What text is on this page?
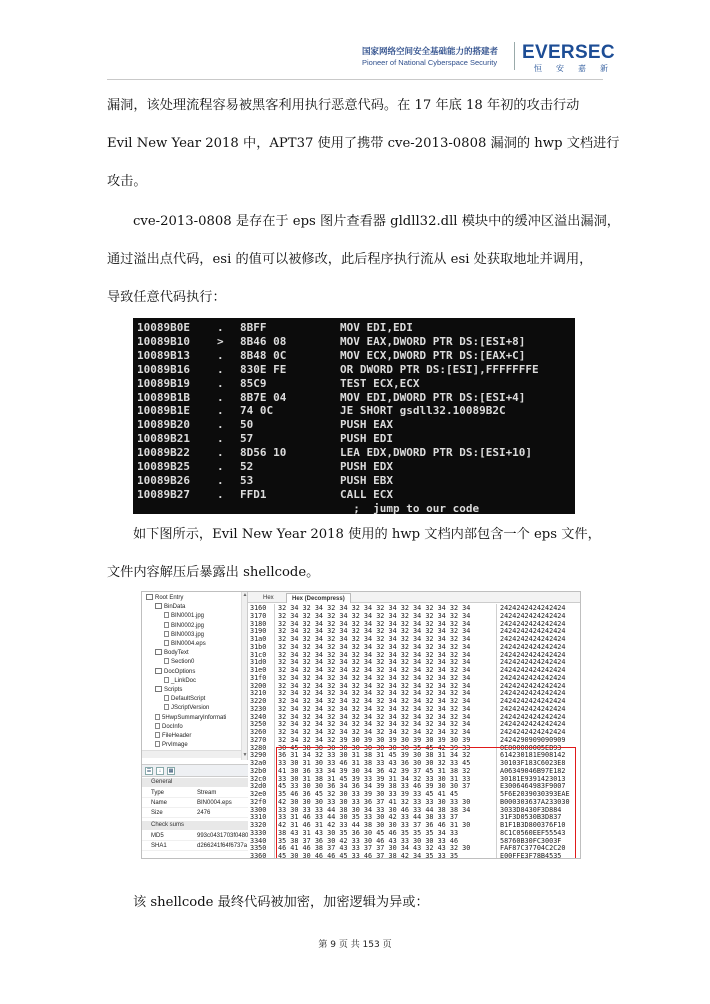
国家网络空间安全基础能力的搭建者
Pioneer of National Cyberspace Security EVERSEC
恒安嘉新
漏洞，该处理流程容易被黑客利用执行恶意代码。在 17 年底 18 年初的攻击行动
Evil New Year 2018 中，APT37 使用了携带 cve-2013-0808 漏洞的 hwp 文档进行
攻击。
cve-2013-0808 是存在于 eps 图片查看器 gldll32.dll 模块中的缓冲区溢出漏洞，
通过溢出点代码，esi 的值可以被修改，此后程序执行流从 esi 处获取地址并调用，
导致任意代码执行：
10089B0E . 8BFF	MOV EDI,EDI
10089B10 > 8B46 08	MOV EAX,DWORD PTR DS:[ESI+8]
10089B13 . 8B48 0C	MOV ECX,DWORD PTR DS:[EAX+C]
10089B16 . 830E FE	OR DWORD PTR DS:[ESI],FFFFFFFE
10089B19 . 85C9	TEST ECX,ECX
10089B1B . 8B7E 04	MOV EDI,DWORD PTR DS:[ESI+4]
10089B1E . 74 0C	JE SHORT gsdll32.10089B2C
10089B20 . 50	PUSH EAX
10089B21 . 57	PUSH EDI
10089B22 . 8D56 10	LEA EDX,DWORD PTR DS:[ESI+10]
10089B25 . 52	PUSH EDX
10089B26 . 53	PUSH EBX
10089B27 . FFD1	CALL ECX
;  jump to our code
如下图所示，Evil New Year 2018 使用的 hwp 文档内部包含一个 eps 文件，
文件内容解压后暴露出 shellcode。
PrvImage
FileHeader
DocInfo
5HwpSummaryInformati
JScriptVersion
DefaultScript
Scripts
_LinkDoc
DocOptions
Section0
BodyText
BIN0004.eps
BIN0003.jpg
BIN0002.jpg
BIN0001.jpg
BinData
Root Entry	▲
▼
☰	↓	▦
General
Type	Stream
Name	BIN0004.eps
Size	2476
Check sums
MD5	993c0431703f0480
SHA1	d266241f64f6737a
Hex	Hex (Decompress)
3360 45 30 30 46 46 45 33 46 37 38 42 34 35 33 35	E00FFE3F78B4535
3350 46 41 46 38 37 43 33 37 37 30 34 43 32 43 32 30	FAF87C37704C2C20
3340 35 38 37 36 30 42 33 30 46 43 33 30 30 33 46	58760B30FC3003F
3330 38 43 31 43 30 35 36 30 45 46 35 35 35 34 33	8C1C0560EEF55543
3320 42 31 46 31 42 33 44 38 30 30 33 37 36 46 31 30	B1F1B3D800376F10
3310 33 31 46 33 44 30 35 33 30 42 33 44 38 33 37	31F3D0530B3D837
3300 33 30 33 33 44 38 30 34 33 30 46 33 44 38 38 34	3033D8430F3D884
32f0 42 30 30 30 33 30 33 36 37 41 32 33 33 30 33 30	B000303637A233030
32e0 35 46 36 45 32 30 33 39 30 33 39 33 45 41 45	5F6E2039030393EAE
32d0 45 33 30 30 36 34 36 34 39 38 33 46 39 30 30 37	E3006464983F9007
32c0 33 30 31 38 31 45 39 33 39 31 34 32 33 30 31 33	30181E9391423013
32b0 41 30 36 33 34 39 30 34 36 42 39 37 45 31 38 32	A06349046B97E182
32a0 33 30 31 30 33 46 31 38 33 43 36 30 30 32 33 45	30103F183C6023E8
3290 36 31 34 32 33 30 31 38 31 45 39 30 38 31 34 32	614230181E908142
3280 30 45 38 30 30 30 30 30 30 30 30 35 45 42 39 33	0E800000005EB93
3270 32 34 32 34 32 39 30 39 30 39 30 39 30 39 30 39	2424290909090909
3260 32 34 32 34 32 34 32 34 32 34 32 34 32 34 32 34	2424242424242424
3250 32 34 32 34 32 34 32 34 32 34 32 34 32 34 32 34	2424242424242424
3240 32 34 32 34 32 34 32 34 32 34 32 34 32 34 32 34	2424242424242424
3230 32 34 32 34 32 34 32 34 32 34 32 34 32 34 32 34	2424242424242424
3220 32 34 32 34 32 34 32 34 32 34 32 34 32 34 32 34	2424242424242424
3210 32 34 32 34 32 34 32 34 32 34 32 34 32 34 32 34	2424242424242424
3200 32 34 32 34 32 34 32 34 32 34 32 34 32 34 32 34	2424242424242424
31f0 32 34 32 34 32 34 32 34 32 34 32 34 32 34 32 34	2424242424242424
31e0 32 34 32 34 32 34 32 34 32 34 32 34 32 34 32 34	2424242424242424
31d0 32 34 32 34 32 34 32 34 32 34 32 34 32 34 32 34	2424242424242424
31c0 32 34 32 34 32 34 32 34 32 34 32 34 32 34 32 34	2424242424242424
31b0 32 34 32 34 32 34 32 34 32 34 32 34 32 34 32 34	2424242424242424
31a0 32 34 32 34 32 34 32 34 32 34 32 34 32 34 32 34	2424242424242424
3190 32 34 32 34 32 34 32 34 32 34 32 34 32 34 32 34	2424242424242424
3180 32 34 32 34 32 34 32 34 32 34 32 34 32 34 32 34	2424242424242424
3170 32 34 32 34 32 34 32 34 32 34 32 34 32 34 32 34	2424242424242424
3160 32 34 32 34 32 34 32 34 32 34 32 34 32 34 32 34	2424242424242424
该 shellcode 最终代码被加密，加密逻辑为异或：
第 9 页 共 153 页
